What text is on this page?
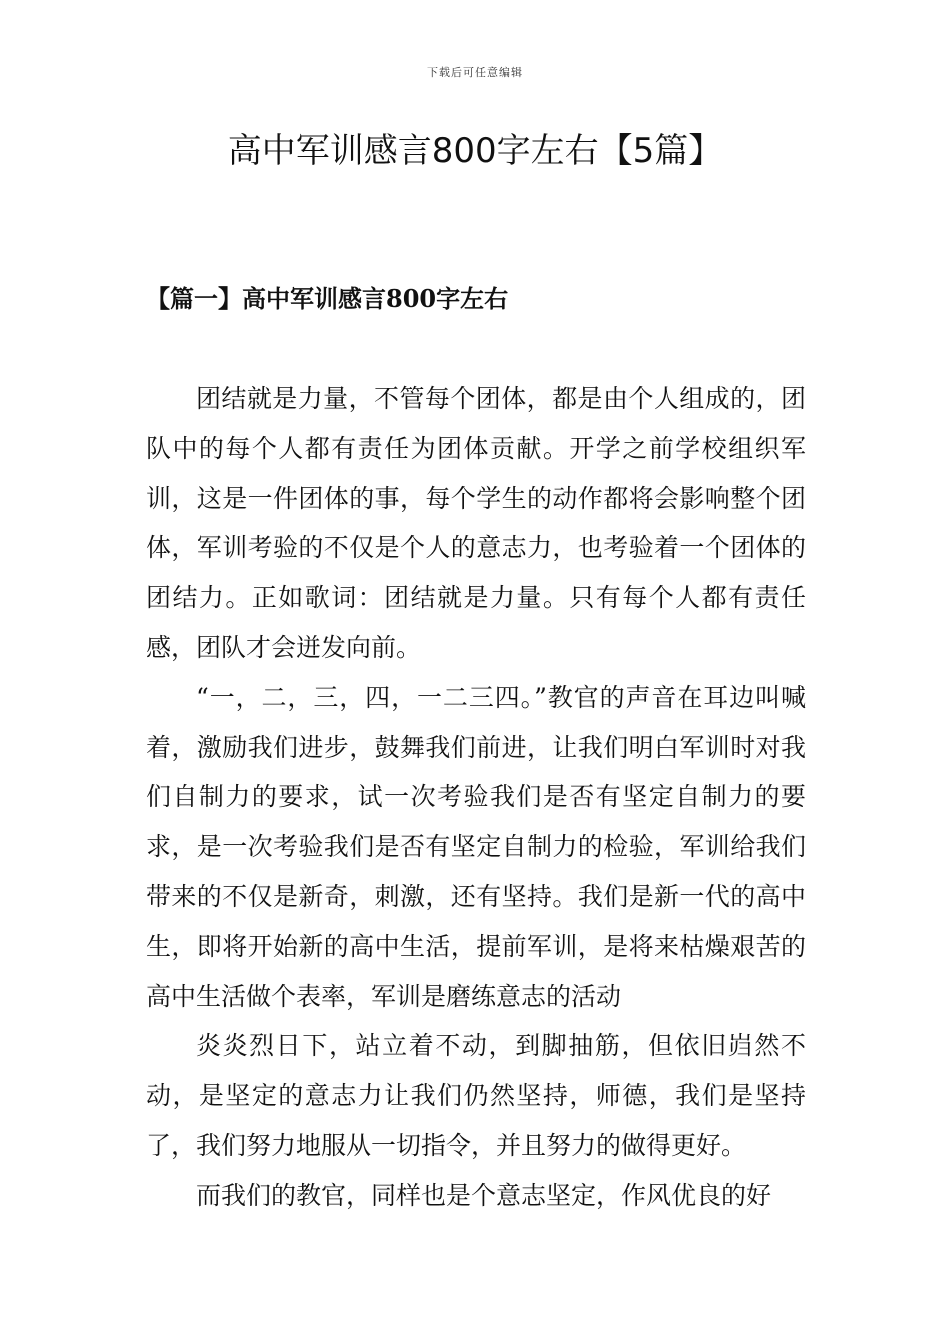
下载后可任意编辑
高中军训感言800字左右【5篇】
【篇一】高中军训感言800字左右

团结就是力量，不管每个团体，都是由个人组成的，团队中的每个人都有责任为团体贡献。开学之前学校组织军训，这是一件团体的事，每个学生的动作都将会影响整个团体，军训考验的不仅是个人的意志力，也考验着一个团体的团结力。正如歌词：团结就是力量。只有每个人都有责任感，团队才会迸发向前。

“一，二，三，四，一二三四。”教官的声音在耳边叫喊着，激励我们进步，鼓舞我们前进，让我们明白军训时对我们自制力的要求，试一次考验我们是否有坚定自制力的要求，是一次考验我们是否有坚定自制力的检验，军训给我们带来的不仅是新奇，刺激，还有坚持。我们是新一代的高中生，即将开始新的高中生活，提前军训，是将来枯燥艰苦的高中生活做个表率，军训是磨练意志的活动

炎炎烈日下，站立着不动，到脚抽筋，但依旧岿然不动，是坚定的意志力让我们仍然坚持，师德，我们是坚持了，我们努力地服从一切指令，并且努力的做得更好。

而我们的教官，同样也是个意志坚定，作风优良的好
